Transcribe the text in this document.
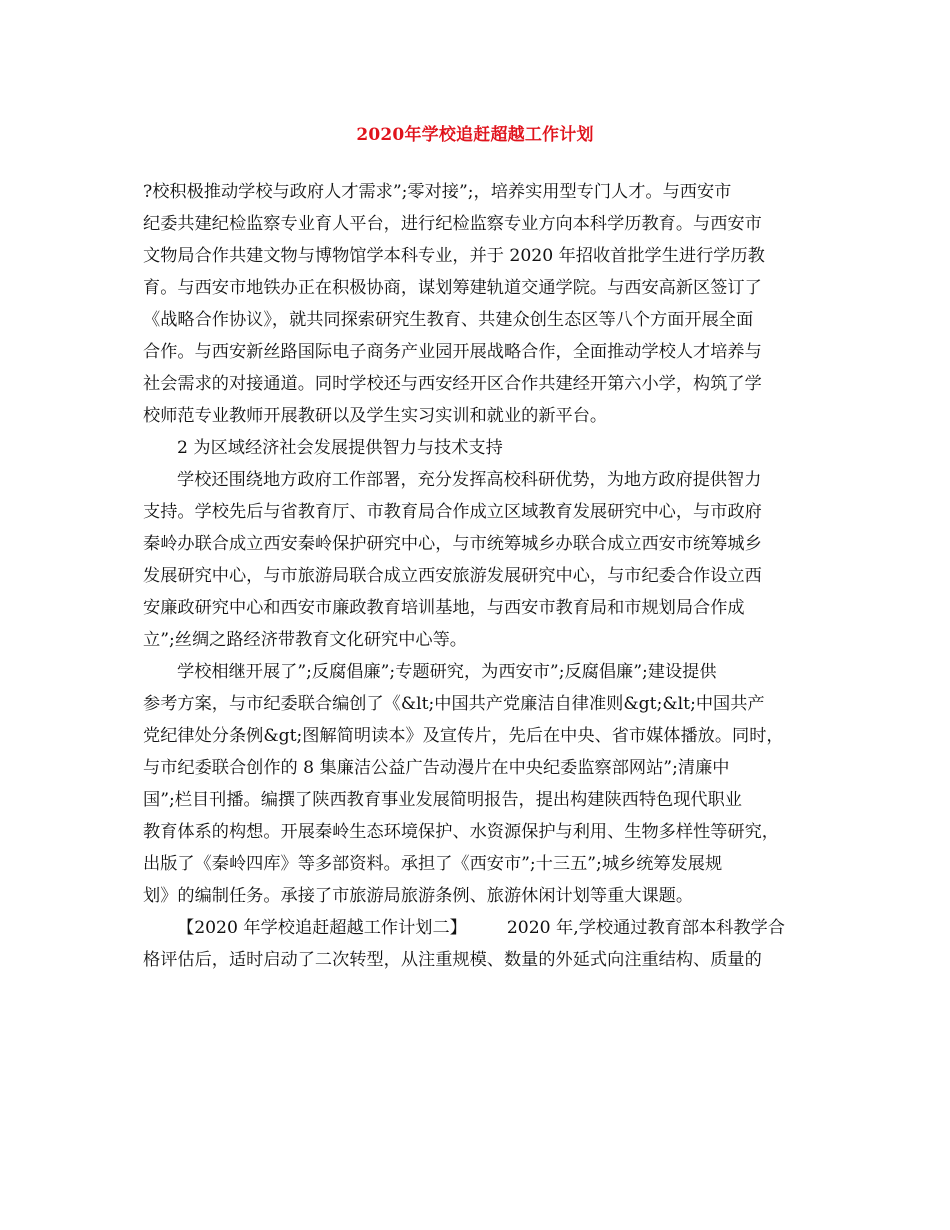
2020年学校追赶超越工作计划
?校积极推动学校与政府人才需求”;零对接”;，培养实用型专门人才。与西安市
纪委共建纪检监察专业育人平台，进行纪检监察专业方向本科学历教育。与西安市
文物局合作共建文物与博物馆学本科专业，并于 2020 年招收首批学生进行学历教
育。与西安市地铁办正在积极协商，谋划筹建轨道交通学院。与西安高新区签订了
《战略合作协议》，就共同探索研究生教育、共建众创生态区等八个方面开展全面
合作。与西安新丝路国际电子商务产业园开展战略合作，全面推动学校人才培养与
社会需求的对接通道。同时学校还与西安经开区合作共建经开第六小学，构筑了学
校师范专业教师开展教研以及学生实习实训和就业的新平台。
2 为区域经济社会发展提供智力与技术支持
学校还围绕地方政府工作部署，充分发挥高校科研优势，为地方政府提供智力
支持。学校先后与省教育厅、市教育局合作成立区域教育发展研究中心，与市政府
秦岭办联合成立西安秦岭保护研究中心，与市统筹城乡办联合成立西安市统筹城乡
发展研究中心，与市旅游局联合成立西安旅游发展研究中心，与市纪委合作设立西
安廉政研究中心和西安市廉政教育培训基地，与西安市教育局和市规划局合作成
立”;丝绸之路经济带教育文化研究中心等。
学校相继开展了”;反腐倡廉”;专题研究，为西安市”;反腐倡廉”;建设提供
参考方案，与市纪委联合编创了《&lt;中国共产党廉洁自律准则&gt;&lt;中国共产
党纪律处分条例&gt;图解简明读本》及宣传片，先后在中央、省市媒体播放。同时，
与市纪委联合创作的 8 集廉洁公益广告动漫片在中央纪委监察部网站”;清廉中
国”;栏目刊播。编撰了陕西教育事业发展简明报告，提出构建陕西特色现代职业
教育体系的构想。开展秦岭生态环境保护、水资源保护与利用、生物多样性等研究，
出版了《秦岭四库》等多部资料。承担了《西安市”;十三五”;城乡统筹发展规
划》的编制任务。承接了市旅游局旅游条例、旅游休闲计划等重大课题。
【2020 年学校追赶超越工作计划二】 2020 年,学校通过教育部本科教学合
格评估后，适时启动了二次转型，从注重规模、数量的外延式向注重结构、质量的
